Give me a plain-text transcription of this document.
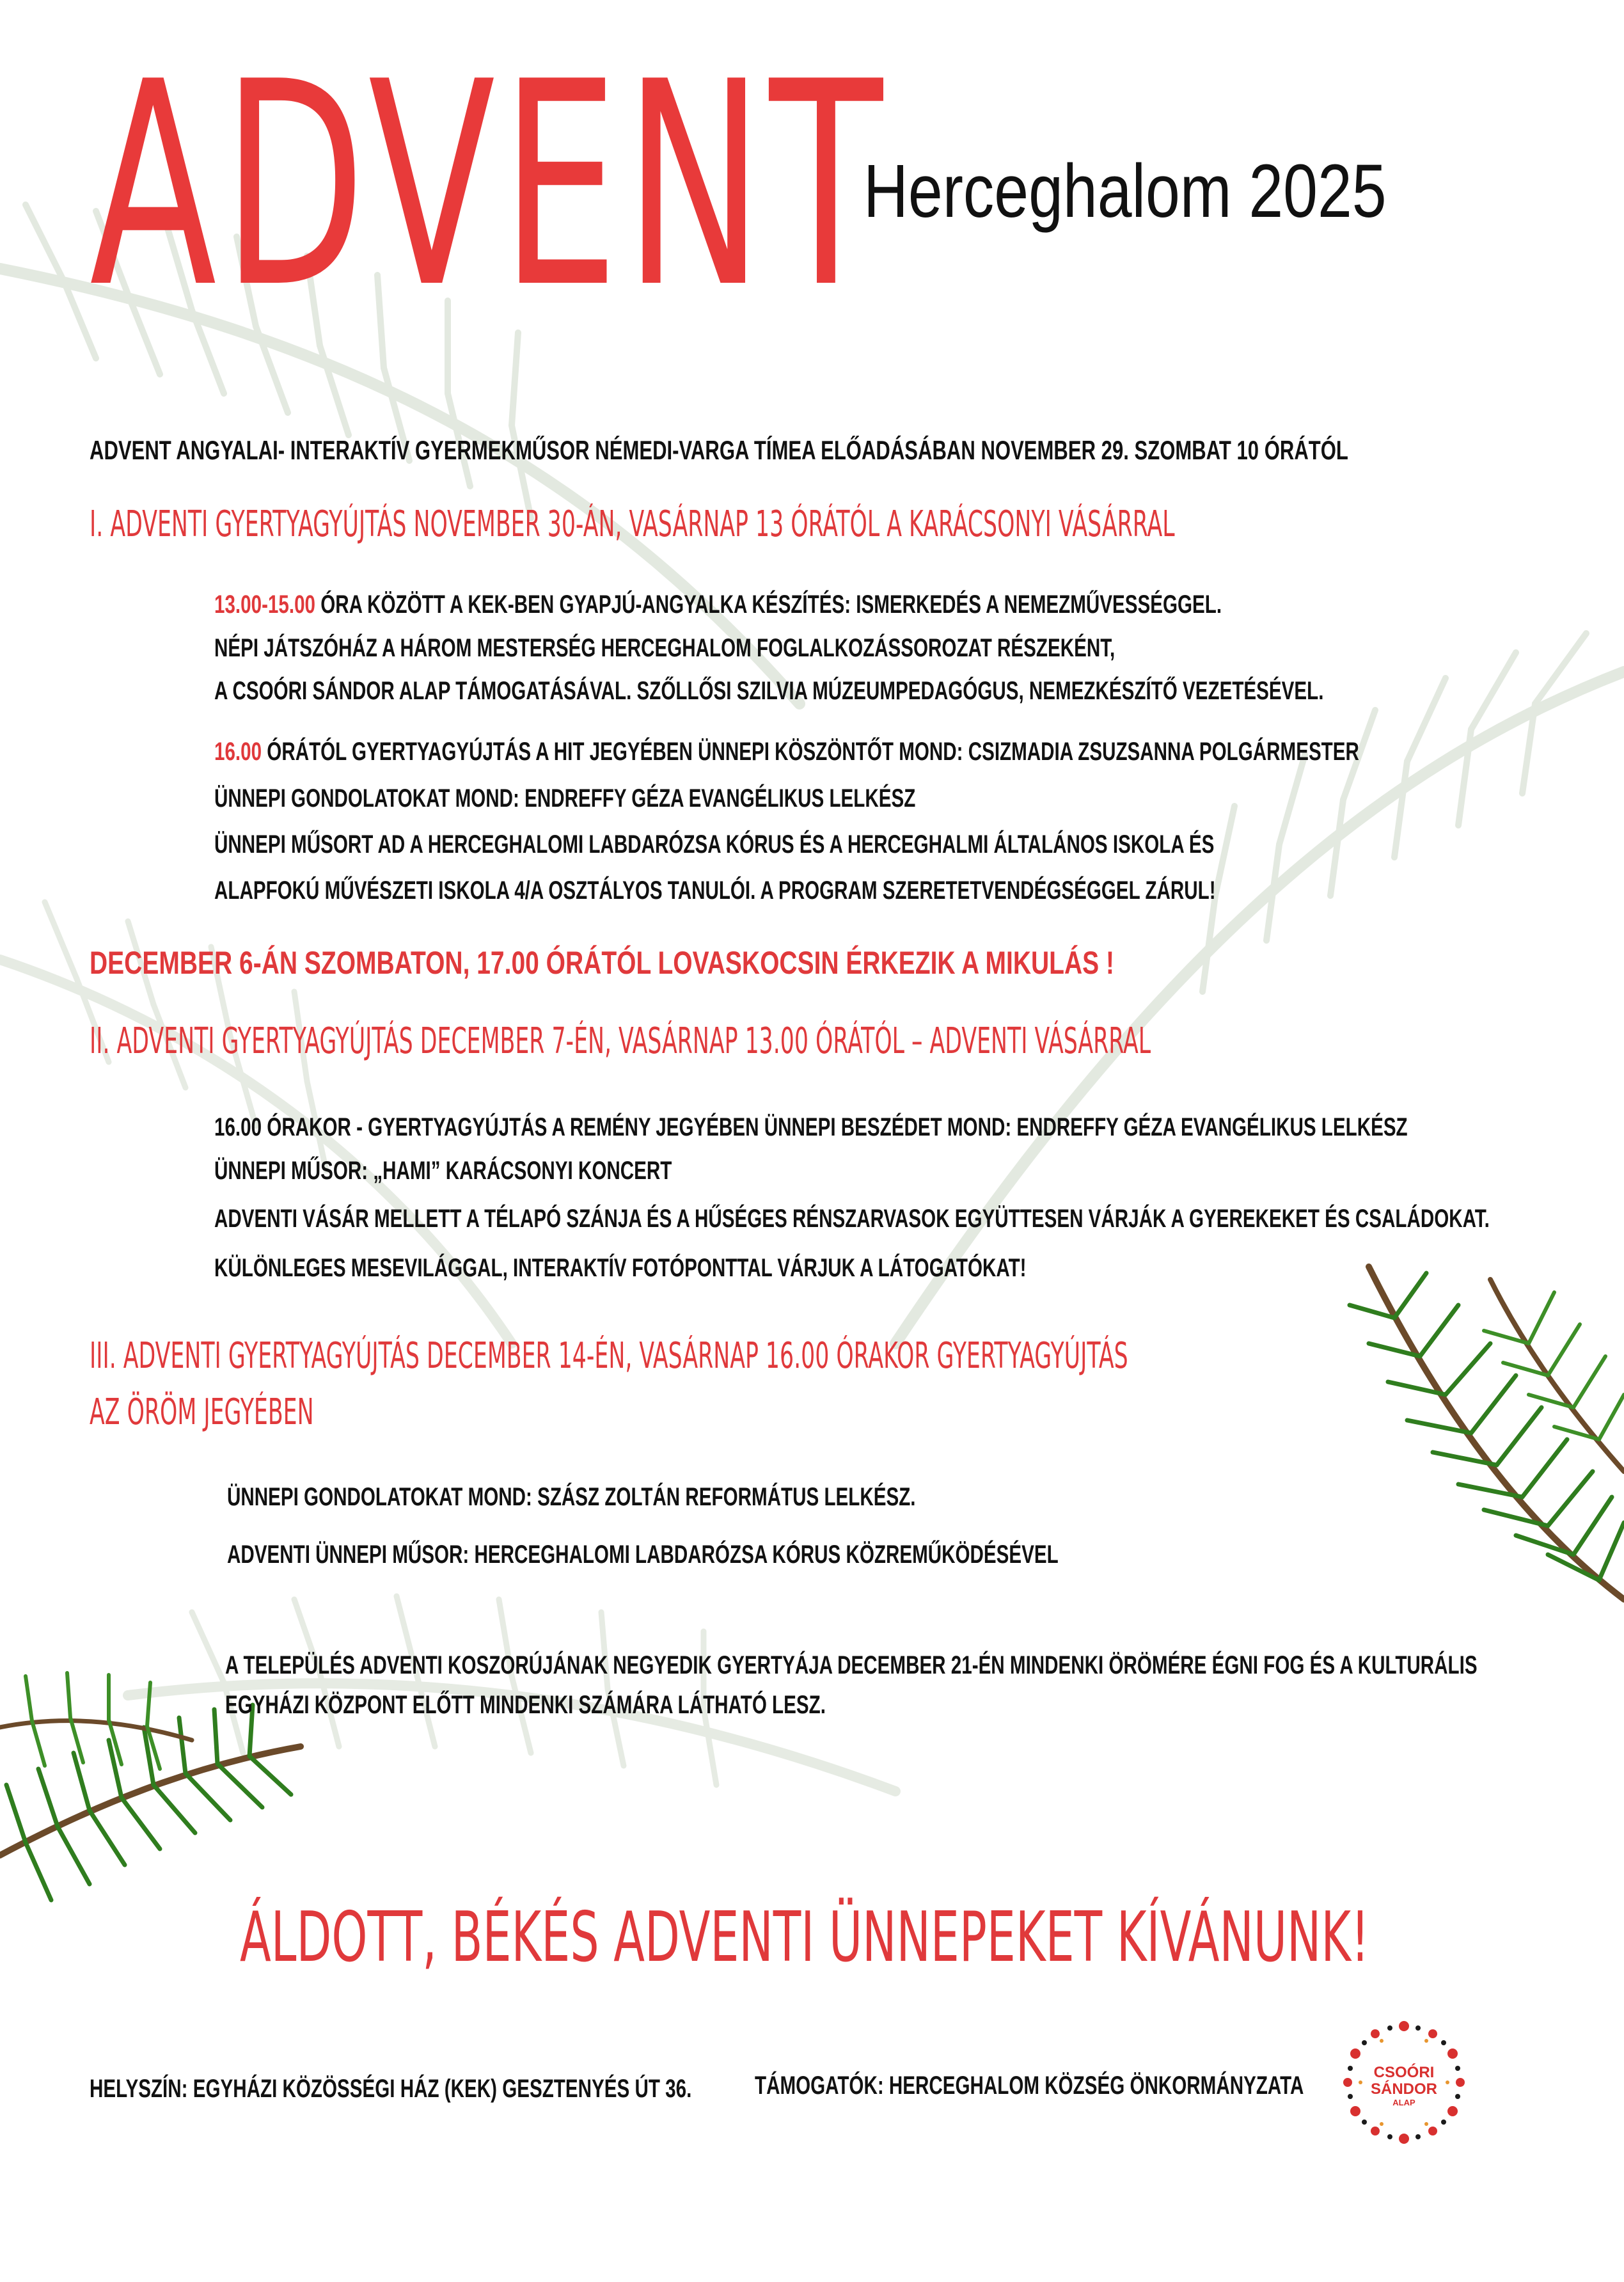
ADVENT
Herceghalom 2025
ADVENT ANGYALAI- INTERAKTÍV GYERMEKMŰSOR NÉMEDI-VARGA TÍMEA ELŐADÁSÁBAN NOVEMBER 29. SZOMBAT 10 ÓRÁTÓL
I. ADVENTI GYERTYAGYÚJTÁS NOVEMBER 30-ÁN, VASÁRNAP 13 ÓRÁTÓL A KARÁCSONYI VÁSÁRRAL
13.00-15.00 ÓRA KÖZÖTT A KEK-BEN GYAPJÚ-ANGYALKA KÉSZÍTÉS: ISMERKEDÉS A NEMEZMŰVESSÉGGEL.
NÉPI JÁTSZÓHÁZ A HÁROM MESTERSÉG HERCEGHALOM FOGLALKOZÁSSOROZAT RÉSZEKÉNT,
A CSOÓRI SÁNDOR ALAP TÁMOGATÁSÁVAL. SZŐLLŐSI SZILVIA MÚZEUMPEDAGÓGUS, NEMEZKÉSZÍTŐ VEZETÉSÉVEL.
16.00 ÓRÁTÓL GYERTYAGYÚJTÁS A HIT JEGYÉBEN ÜNNEPI KÖSZÖNTŐT MOND: CSIZMADIA ZSUZSANNA POLGÁRMESTER
ÜNNEPI GONDOLATOKAT MOND: ENDREFFY GÉZA EVANGÉLIKUS LELKÉSZ
ÜNNEPI MŰSORT AD A HERCEGHALOMI LABDARÓZSA KÓRUS ÉS A HERCEGHALMI ÁLTALÁNOS ISKOLA ÉS
ALAPFOKÚ MŰVÉSZETI ISKOLA 4/A OSZTÁLYOS TANULÓI. A PROGRAM SZERETETVENDÉGSÉGGEL ZÁRUL!
DECEMBER 6-ÁN SZOMBATON, 17.00 ÓRÁTÓL LOVASKOCSIN ÉRKEZIK A MIKULÁS !
II. ADVENTI GYERTYAGYÚJTÁS DECEMBER 7-ÉN, VASÁRNAP 13.00 ÓRÁTÓL – ADVENTI VÁSÁRRAL
16.00 ÓRAKOR - GYERTYAGYÚJTÁS A REMÉNY JEGYÉBEN ÜNNEPI BESZÉDET MOND: ENDREFFY GÉZA EVANGÉLIKUS LELKÉSZ
ÜNNEPI MŰSOR: „HAMI” KARÁCSONYI KONCERT
ADVENTI VÁSÁR MELLETT A TÉLAPÓ SZÁNJA ÉS A HŰSÉGES RÉNSZARVASOK EGYÜTTESEN VÁRJÁK A GYEREKEKET ÉS CSALÁDOKAT.
KÜLÖNLEGES MESEVILÁGGAL, INTERAKTÍV FOTÓPONTTAL VÁRJUK A LÁTOGATÓKAT!
III. ADVENTI GYERTYAGYÚJTÁS DECEMBER 14-ÉN, VASÁRNAP 16.00 ÓRAKOR GYERTYAGYÚJTÁS
AZ ÖRÖM JEGYÉBEN
ÜNNEPI GONDOLATOKAT MOND: SZÁSZ ZOLTÁN REFORMÁTUS LELKÉSZ.
ADVENTI ÜNNEPI MŰSOR: HERCEGHALOMI LABDARÓZSA KÓRUS KÖZREMŰKÖDÉSÉVEL
A TELEPÜLÉS ADVENTI KOSZORÚJÁNAK NEGYEDIK GYERTYÁJA DECEMBER 21-ÉN MINDENKI ÖRÖMÉRE ÉGNI FOG ÉS A KULTURÁLIS
EGYHÁZI KÖZPONT ELŐTT MINDENKI SZÁMÁRA LÁTHATÓ LESZ.
ÁLDOTT, BÉKÉS ADVENTI ÜNNEPEKET KÍVÁNUNK!
HELYSZÍN: EGYHÁZI KÖZÖSSÉGI HÁZ (KEK) GESZTENYÉS ÚT 36. TÁMOGATÓK: HERCEGHALOM KÖZSÉG ÖNKORMÁNYZATA	CSOÓRI
SÁNDOR
ALAP
